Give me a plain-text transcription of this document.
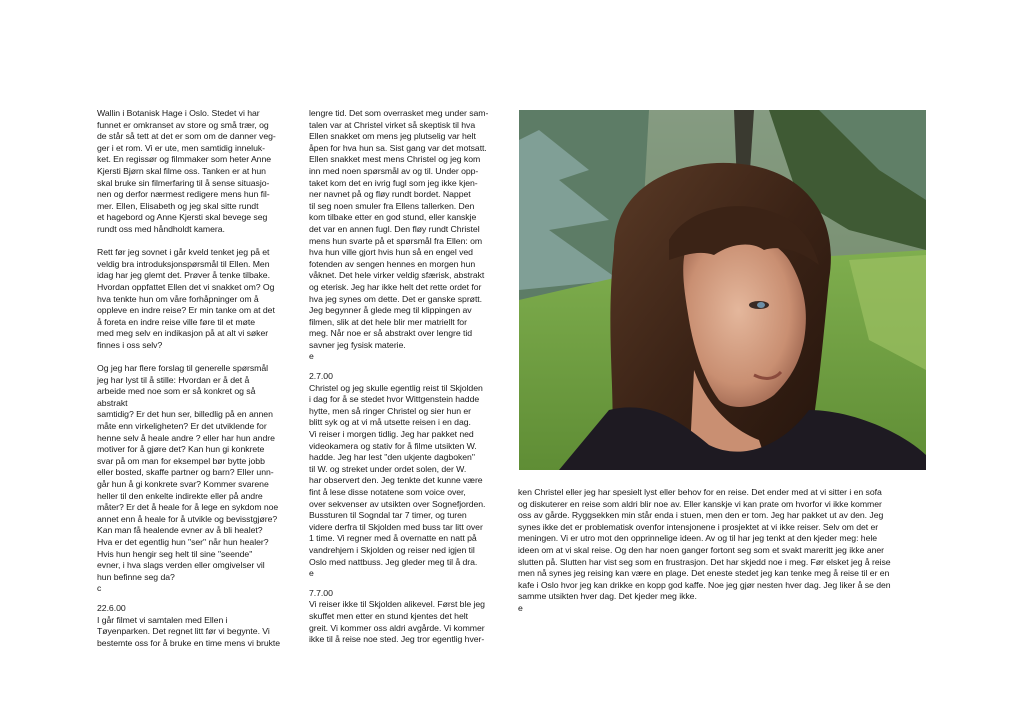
Wallin i Botanisk Hage i Oslo. Stedet vi har
funnet er omkranset av store og små trær, og
de står så tett at det er som om de danner veg-
ger i et rom. Vi er ute, men samtidig inneluk-
ket. En regissør og filmmaker som heter Anne
Kjersti Bjørn skal filme oss. Tanken er at hun
skal bruke sin filmerfaring til å sense situasjo-
nen og derfor nærmest redigere mens hun fil-
mer. Ellen, Elisabeth og jeg skal sitte rundt
et hagebord og Anne Kjersti skal bevege seg
rundt oss med håndholdt kamera.
Rett før jeg sovnet i går kveld tenket jeg på et
veldig bra introduksjonspørsmål til Ellen. Men
idag har jeg glemt det. Prøver å tenke tilbake.
Hvordan oppfattet Ellen det vi snakket om? Og
hva tenkte hun om våre forhåpninger om å
oppleve en indre reise? Er min tanke om at det
å foreta en indre reise ville føre til et møte
med meg selv en indikasjon på at alt vi søker
finnes i oss selv?
Og jeg har flere forslag til generelle spørsmål
jeg har lyst til å stille: Hvordan er å det å
arbeide med noe som er så konkret og så
abstrakt
samtidig? Er det hun ser, billedlig på en annen
måte enn virkeligheten? Er det utviklende for
henne selv å heale andre ? eller har hun andre
motiver for å gjøre det? Kan hun gi konkrete
svar på om man for eksempel bør bytte jobb
eller bosted, skaffe partner og barn? Eller unn-
går hun å gi konkrete svar? Kommer svarene
heller til den enkelte indirekte eller på andre
måter? Er det å heale for å lege en sykdom noe
annet enn å heale for å utvikle og bevisstgjøre?
Kan man få healende evner av å bli healet?
Hva er det egentlig hun "ser" når hun healer?
Hvis hun hengir seg helt til sine "seende"
evner, i hva slags verden eller omgivelser vil
hun befinne seg da?
c
22.6.00
I går filmet vi samtalen med Ellen i
Tøyenparken. Det regnet litt før vi begynte. Vi
bestemte oss for å bruke en time mens vi brukte
lengre tid. Det som overrasket meg under sam-
talen var at Christel virket så skeptisk til hva
Ellen snakket om mens jeg plutselig var helt
åpen for hva hun sa. Sist gang var det motsatt.
Ellen snakket mest mens Christel og jeg kom
inn med noen spørsmål av og til. Under opp-
taket kom det en ivrig fugl som jeg ikke kjen-
ner navnet på og fløy rundt bordet. Nappet
til seg noen smuler fra Ellens tallerken. Den
kom tilbake etter en god stund, eller kanskje
det var en annen fugl. Den fløy rundt Christel
mens hun svarte på et spørsmål fra Ellen: om
hva hun ville gjort hvis hun så en engel ved
fotenden av sengen hennes en morgen hun
våknet. Det hele virker veldig sfærisk, abstrakt
og eterisk. Jeg har ikke helt det rette ordet for
hva jeg synes om dette. Det er ganske sprøtt.
Jeg begynner å glede meg til klippingen av
filmen, slik at det hele blir mer matriellt for
meg. Når noe er så abstrakt over lengre tid
savner jeg fysisk materie.
e
2.7.00
Christel og jeg skulle egentlig reist til Skjolden
i dag for å se stedet hvor Wittgenstein hadde
hytte, men så ringer Christel og sier hun er
blitt syk og at vi må utsette reisen i en dag.
Vi reiser i morgen tidlig. Jeg har pakket ned
videokamera og stativ for å filme utsikten W.
hadde. Jeg har lest "den ukjente dagboken"
til W. og streket under ordet solen, der W.
har observert den. Jeg tenkte det kunne være
fint å lese disse notatene som voice over,
over sekvenser av utsikten over Sognefjorden.
Bussturen til Sogndal tar 7 timer, og turen
videre derfra til Skjolden med buss tar litt over
1 time. Vi regner med å overnatte en natt på
vandrehjem i Skjolden og reiser ned igjen til
Oslo med nattbuss. Jeg gleder meg til å dra.
e
7.7.00
Vi reiser ikke til Skjolden alikevel. Først ble jeg
skuffet men etter en stund kjentes det helt
greit. Vi kommer oss aldri avgårde. Vi kommer
ikke til å reise noe sted. Jeg tror egentlig hver-
ken Christel eller jeg har spesielt lyst eller behov for en reise. Det ender med at vi sitter i en sofa
og diskuterer en reise som aldri blir noe av. Eller kanskje vi kan prate om hvorfor vi ikke kommer
oss av gårde. Ryggsekken min står enda i stuen, men den er tom. Jeg har pakket ut av den. Jeg
synes ikke det er problematisk ovenfor intensjonene i prosjektet at vi ikke reiser. Selv om det er
meningen. Vi er utro mot den opprinnelige ideen. Av og til har jeg tenkt at den kjeder meg: hele
ideen om at vi skal reise. Og den har noen ganger fortont seg som et svakt mareritt jeg ikke aner
slutten på. Slutten har vist seg som en frustrasjon. Det har skjedd noe i meg. Før elsket jeg å reise
men nå synes jeg reising kan være en plage. Det eneste stedet jeg kan tenke meg å reise til er en
kafe i Oslo hvor jeg kan drikke en kopp god kaffe. Noe jeg gjør nesten hver dag. Jeg liker å se den
samme utsikten hver dag. Det kjeder meg ikke.
e
